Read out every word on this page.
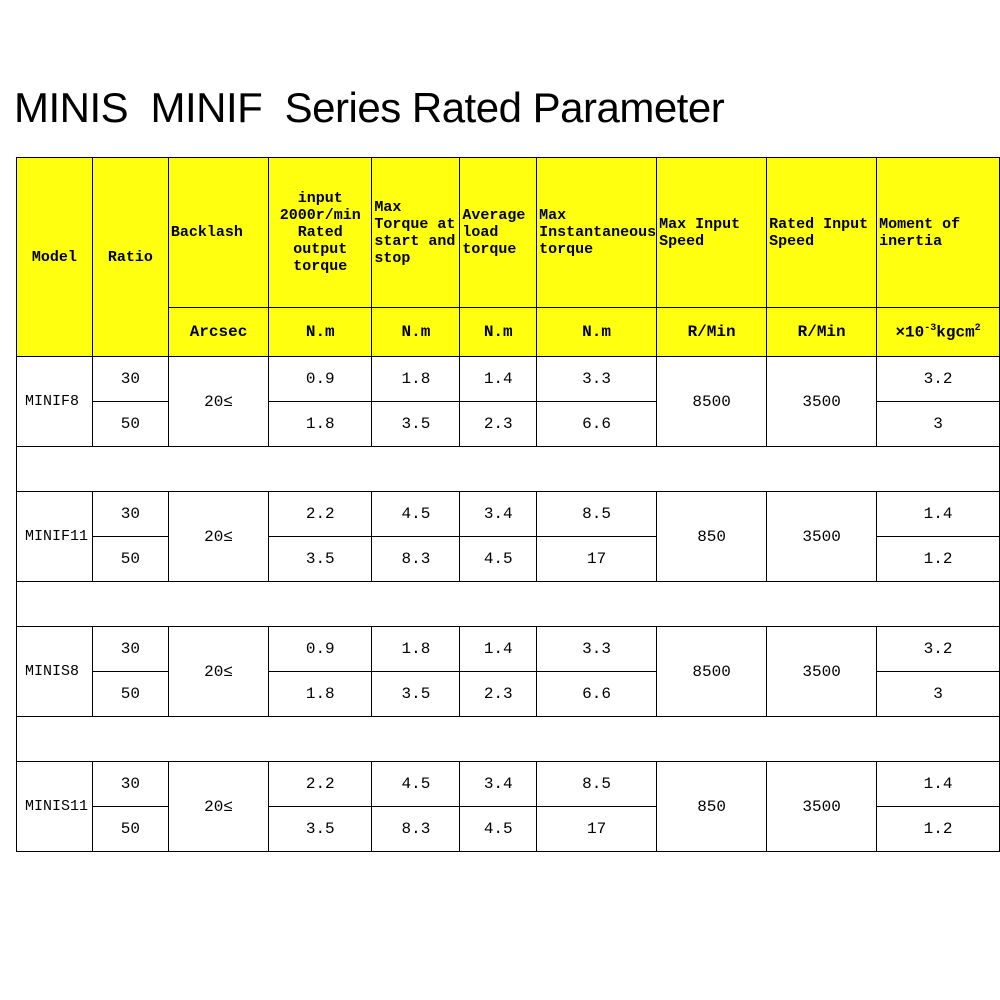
MINIS  MINIF  Series Rated Parameter
Model	Ratio	Backlash	input 2000r/min Rated output torque	Max Torque at start and stop	Average load torque	Max Instantaneous torque	Max Input Speed	Rated Input Speed	Moment of inertia
		Arcsec	N.m	N.m	N.m	N.m	R/Min	R/Min	$\times 10^{-3}kgcm^2$
MINIF8	30	20≤	0.9	1.8	1.4	3.3	8500	3500	3.2
	50		1.8	3.5	2.3	6.6			3

MINIF11	30	20≤	2.2	4.5	3.4	8.5	850	3500	1.4
	50		3.5	8.3	4.5	17			1.2

MINIS8	30	20≤	0.9	1.8	1.4	3.3	8500	3500	3.2
	50		1.8	3.5	2.3	6.6			3

MINIS11	30	20≤	2.2	4.5	3.4	8.5	850	3500	1.4
	50		3.5	8.3	4.5	17			1.2
